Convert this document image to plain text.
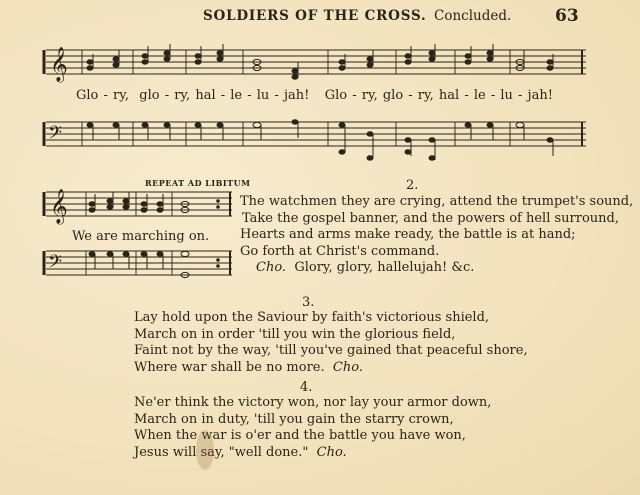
SOLDIERS OF THE CROSS. Concluded.	63
𝄞
Glo - ry,  glo - ry, hal - le - lu - jah!   Glo - ry, glo - ry, hal - le - lu - jah!
𝄢
REPEAT AD LIBITUM
𝄞
We are marching on.
𝄢
2.
The watchmen they are crying, attend the trumpet's sound,
Take the gospel banner, and the powers of hell surround,
Hearts and arms make ready, the battle is at hand;
Go forth at Christ's command.
Cho. Glory, glory, hallelujah! &c.
3.
Lay hold upon the Saviour by faith's victorious shield,
March on in order 'till you win the glorious field,
Faint not by the way, 'till you've gained that peaceful shore,
Where war shall be no more. Cho.
4.
Ne'er think the victory won, nor lay your armor down,
March on in duty, 'till you gain the starry crown,
When the war is o'er and the battle you have won,
Jesus will say, "well done." Cho.
